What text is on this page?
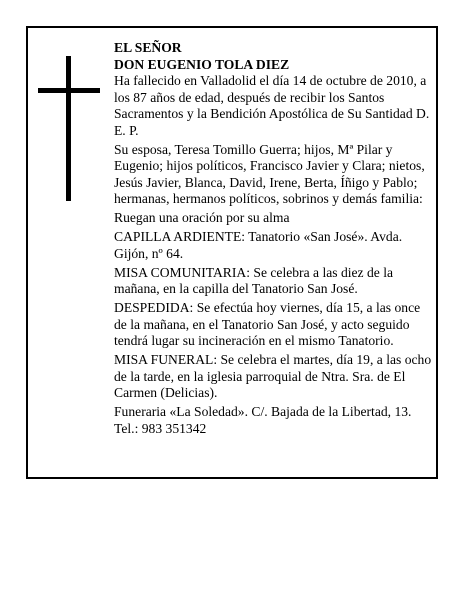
EL SEÑOR

DON EUGENIO TOLA DIEZ

Ha fallecido en Valladolid el día 14 de octubre de 2010, a los 87 años de edad, después de recibir los Santos Sacramentos y la Bendición Apostólica de Su Santidad D. E. P.

Su esposa, Teresa Tomillo Guerra; hijos, Mª Pilar y Eugenio; hijos políticos, Francisco Javier y Clara; nietos, Jesús Javier, Blanca, David, Irene, Berta, Íñigo y Pablo; hermanas, hermanos políticos, sobrinos y demás familia:

Ruegan una oración por su alma

CAPILLA ARDIENTE: Tanatorio «San José». Avda. Gijón, nº 64.

MISA COMUNITARIA: Se celebra a las diez de la mañana, en la capilla del Tanatorio San José.

DESPEDIDA: Se efectúa hoy viernes, día 15, a las once de la mañana, en el Tanatorio San José, y acto seguido tendrá lugar su incineración en el mismo Tanatorio.

MISA FUNERAL: Se celebra el martes, día 19, a las ocho de la tarde, en la iglesia parroquial de Ntra. Sra. de El Carmen (Delicias).

Funeraria «La Soledad». C/. Bajada de la Libertad, 13. Tel.: 983 351342
